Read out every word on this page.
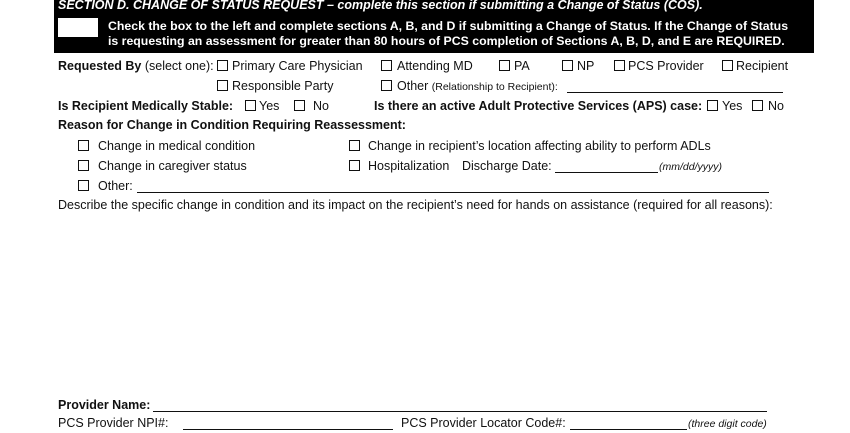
SECTION D. CHANGE OF STATUS REQUEST – complete this section if submitting a Change of Status (COS).
Check the box to the left and complete sections A, B, and D if submitting a Change of Status. If the Change of Status
is requesting an assessment for greater than 80 hours of PCS completion of Sections A, B, D, and E are REQUIRED.
Requested By (select one): Primary Care Physician	Attending MD	PA	NP	PCS Provider	Recipient
Responsible Party	Other (Relationship to Recipient):
Is Recipient Medically Stable: Yes	No	Is there an active Adult Protective Services (APS) case: Yes No
Reason for Change in Condition Requiring Reassessment:
Change in medical condition	Change in recipient’s location affecting ability to perform ADLs
Change in caregiver status	Hospitalization Discharge Date:	(mm/dd/yyyy)
Other:
Describe the specific change in condition and its impact on the recipient’s need for hands on assistance (required for all reasons):
Provider Name:
PCS Provider NPI#:	PCS Provider Locator Code#:	(three digit code)
